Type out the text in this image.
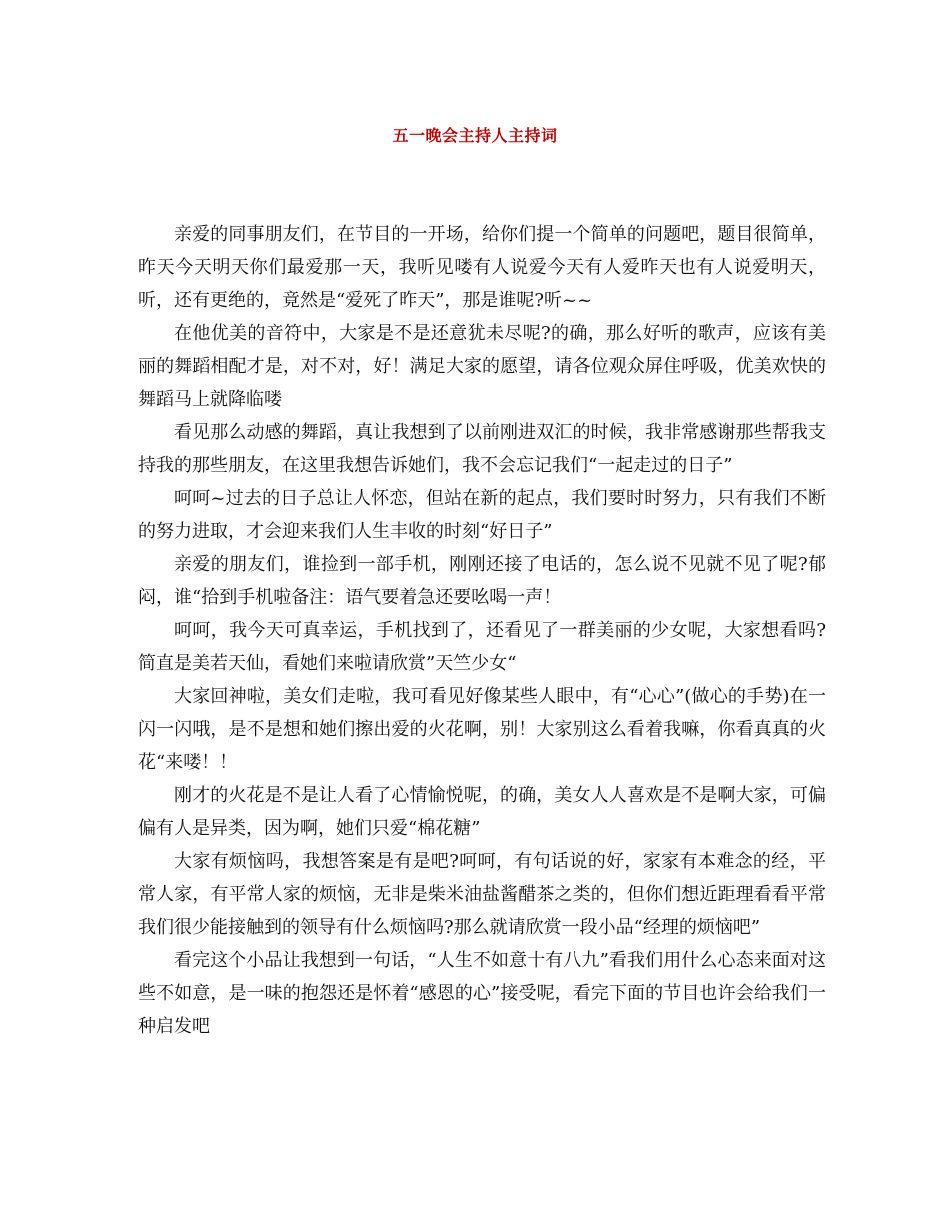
五一晚会主持人主持词

亲爱的同事朋友们，在节目的一开场，给你们提一个简单的问题吧，题目很简单，昨天今天明天你们最爱那一天，我听见喽有人说爱今天有人爱昨天也有人说爱明天，听，还有更绝的，竟然是“爱死了昨天”，那是谁呢?听~~

在他优美的音符中，大家是不是还意犹未尽呢?的确，那么好听的歌声，应该有美丽的舞蹈相配才是，对不对，好！满足大家的愿望，请各位观众屏住呼吸，优美欢快的舞蹈马上就降临喽

看见那么动感的舞蹈，真让我想到了以前刚进双汇的时候，我非常感谢那些帮我支持我的那些朋友，在这里我想告诉她们，我不会忘记我们“一起走过的日子”

呵呵~过去的日子总让人怀恋，但站在新的起点，我们要时时努力，只有我们不断的努力进取，才会迎来我们人生丰收的时刻“好日子”

亲爱的朋友们，谁捡到一部手机，刚刚还接了电话的，怎么说不见就不见了呢?郁闷，谁“拾到手机啦备注：语气要着急还要吆喝一声！

呵呵，我今天可真幸运，手机找到了，还看见了一群美丽的少女呢，大家想看吗?简直是美若天仙，看她们来啦请欣赏”天竺少女“

大家回神啦，美女们走啦，我可看见好像某些人眼中，有“心心”(做心的手势)在一闪一闪哦，是不是想和她们擦出爱的火花啊，别！大家别这么看着我嘛，你看真真的火花“来喽！！

刚才的火花是不是让人看了心情愉悦呢，的确，美女人人喜欢是不是啊大家，可偏偏有人是异类，因为啊，她们只爱“棉花糖”

大家有烦恼吗，我想答案是有是吧?呵呵，有句话说的好，家家有本难念的经，平常人家，有平常人家的烦恼，无非是柴米油盐酱醋茶之类的，但你们想近距理看看平常我们很少能接触到的领导有什么烦恼吗?那么就请欣赏一段小品“经理的烦恼吧”

看完这个小品让我想到一句话，“人生不如意十有八九”看我们用什么心态来面对这些不如意，是一味的抱怨还是怀着“感恩的心”接受呢，看完下面的节目也许会给我们一种启发吧
